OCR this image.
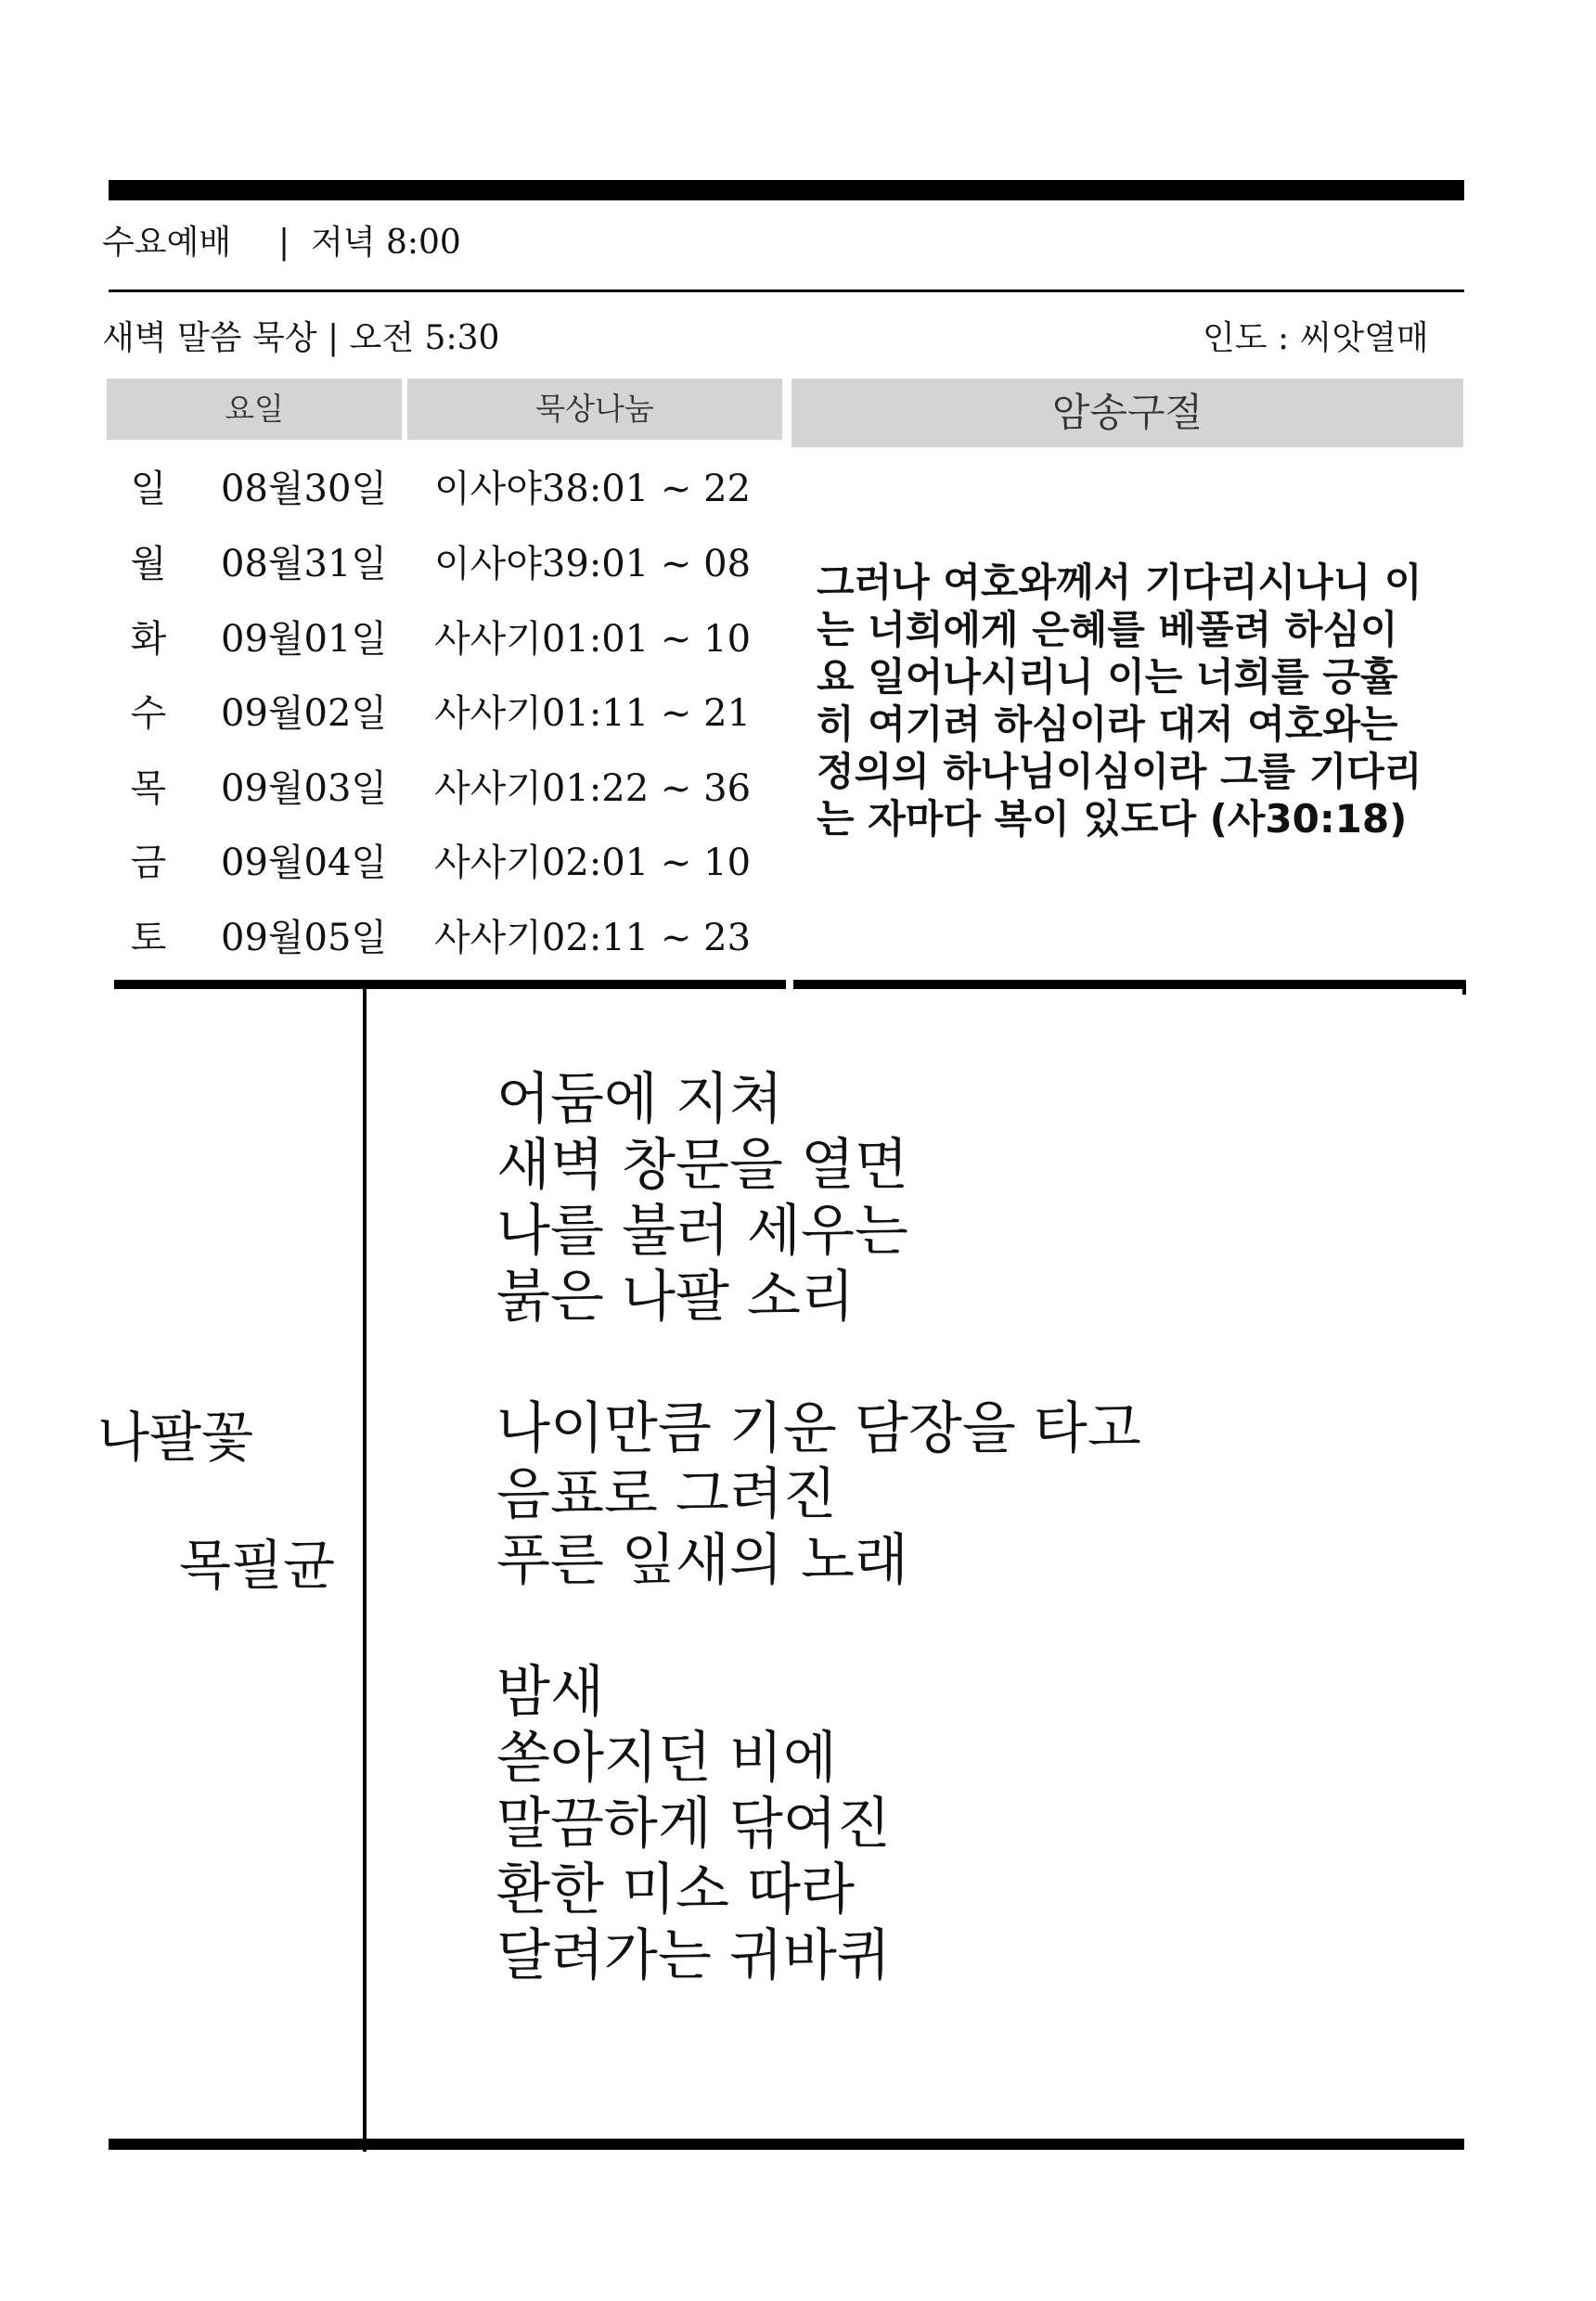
수요예배 | 저녁 8:00
새벽 말씀 묵상 | 오전 5:30	인도 : 씨앗열매
요일	묵상나눔	암송구절
일	08월30일 이사야38:01 ~ 22
월	08월31일 이사야39:01 ~ 08
화	09월01일 사사기01:01 ~ 10
수	09월02일 사사기01:11 ~ 21
목	09월03일 사사기01:22 ~ 36
금	09월04일 사사기02:01 ~ 10
토	09월05일 사사기02:11 ~ 23
그러나 여호와께서 기다리시나니 이
는 너희에게 은혜를 베풀려 하심이
요 일어나시리니 이는 너희를 긍휼
히 여기려 하심이라 대저 여호와는
정의의 하나님이심이라 그를 기다리
는 자마다 복이 있도다 (사30:18)
나팔꽃
목필균
어둠에 지쳐
새벽 창문을 열면
나를 불러 세우는
붉은 나팔 소리
나이만큼 기운 담장을 타고
음표로 그려진
푸른 잎새의 노래
밤새
쏟아지던 비에
말끔하게 닦여진
환한 미소 따라
달려가는 귀바퀴
